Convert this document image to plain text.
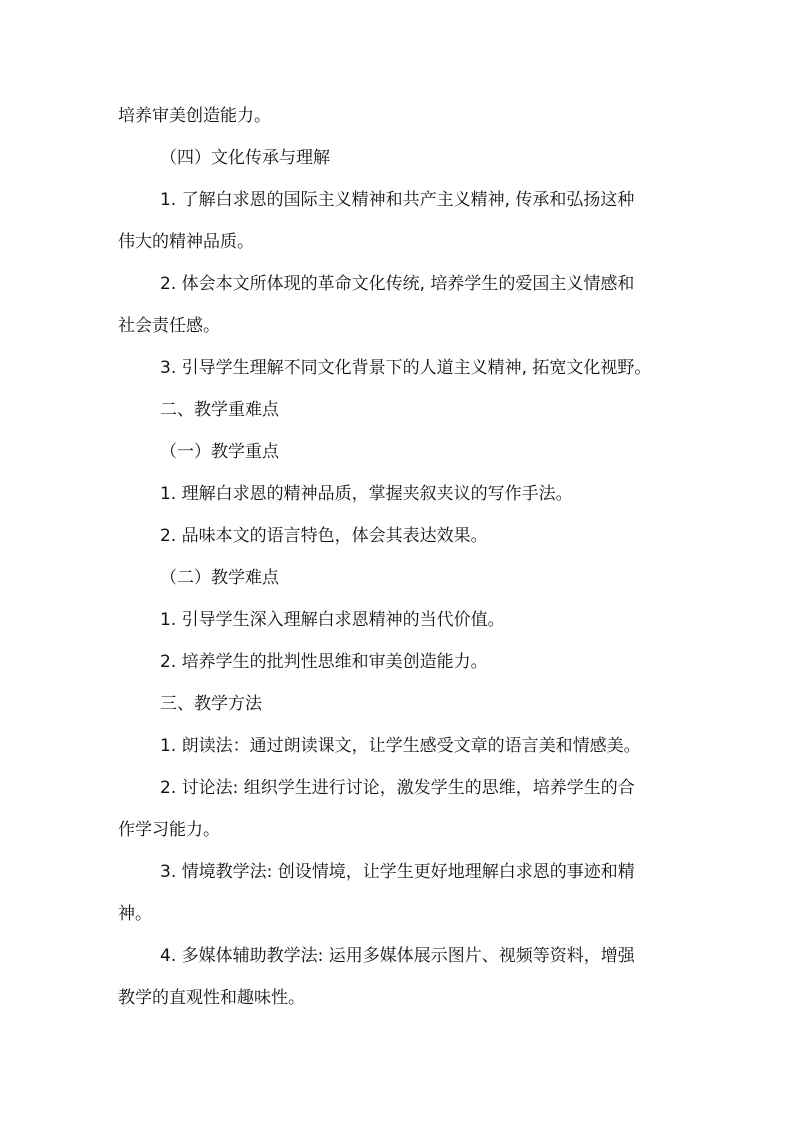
培养审美创造能力。
（四）文化传承与理解
1. 了解白求恩的国际主义精神和共产主义精神, 传承和弘扬这种
伟大的精神品质。
2. 体会本文所体现的革命文化传统, 培养学生的爱国主义情感和
社会责任感。
3. 引导学生理解不同文化背景下的人道主义精神, 拓宽文化视野。
二、教学重难点
（一）教学重点
1. 理解白求恩的精神品质，掌握夹叙夹议的写作手法。
2. 品味本文的语言特色，体会其表达效果。
（二）教学难点
1. 引导学生深入理解白求恩精神的当代价值。
2. 培养学生的批判性思维和审美创造能力。
三、教学方法
1. 朗读法：通过朗读课文，让学生感受文章的语言美和情感美。
2. 讨论法: 组织学生进行讨论，激发学生的思维，培养学生的合
作学习能力。
3. 情境教学法: 创设情境，让学生更好地理解白求恩的事迹和精
神。
4. 多媒体辅助教学法: 运用多媒体展示图片、视频等资料，增强
教学的直观性和趣味性。
